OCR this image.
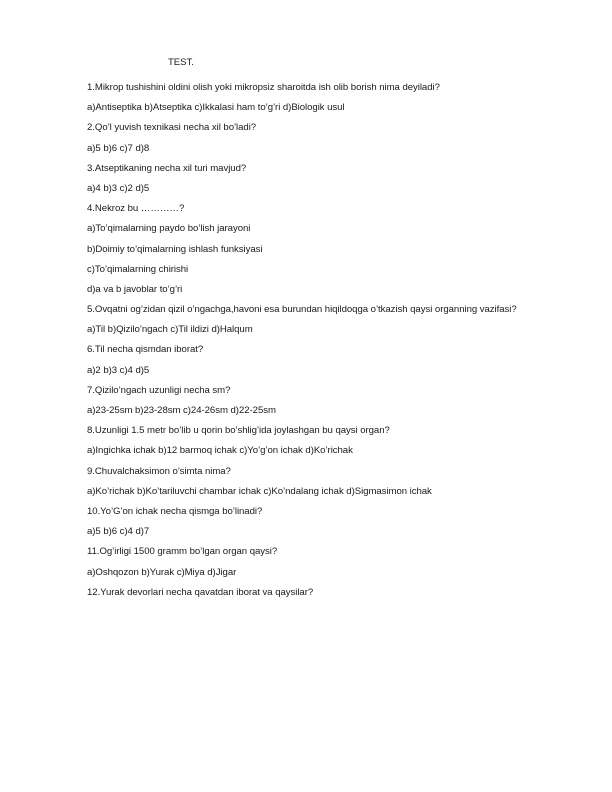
TEST.
1.Mikrop tushishini oldini olish yoki mikropsiz sharoitda ish olib borish nima deyiladi?
a)Antiseptika b)Atseptika c)Ikkalasi ham to’g’ri d)Biologik usul
2.Qo’l yuvish texnikasi necha xil bo’ladi?
a)5 b)6 c)7 d)8
3.Atseptikaning necha xil turi mavjud?
a)4 b)3 c)2 d)5
4.Nekroz bu …………?
a)To’qimalarning paydo bo’lish jarayoni
b)Doimiy to’qimalarning ishlash funksiyasi
c)To’qimalarning chirishi
d)a va b javoblar to’g’ri
5.Ovqatni og’zidan qizil o’ngachga,havoni esa burundan hiqildoqga o’tkazish qaysi organning vazifasi?
a)Til b)Qizilo’ngach c)Til ildizi d)Halqum
6.Til necha qismdan iborat?
a)2 b)3 c)4 d)5
7.Qizilo’ngach uzunligi necha sm?
a)23-25sm b)23-28sm c)24-26sm d)22-25sm
8.Uzunligi 1.5 metr bo’lib u qorin bo’shlig’ida joylashgan bu qaysi organ?
a)Ingichka ichak b)12 barmoq ichak c)Yo’g’on ichak d)Ko’richak
9.Chuvalchaksimon o’simta nima?
a)Ko’richak b)Ko’tariluvchi chambar ichak c)Ko’ndalang ichak d)Sigmasimon ichak
10.Yo’G’on ichak necha qismga bo’linadi?
a)5 b)6 c)4 d)7
11.Og’irligi 1500 gramm bo’lgan organ qaysi?
a)Oshqozon b)Yurak c)Miya d)Jigar
12.Yurak devorlari necha qavatdan iborat va qaysilar?
